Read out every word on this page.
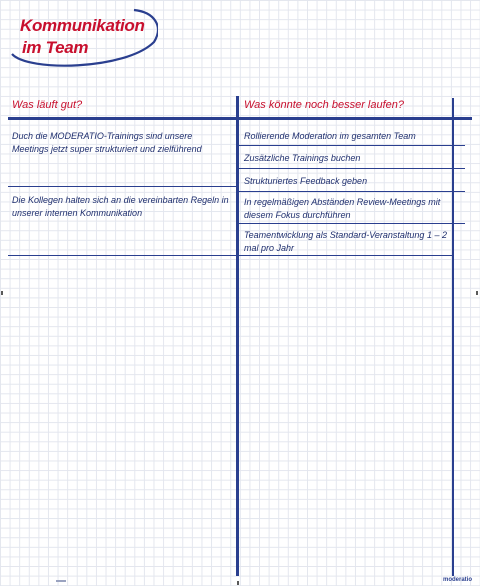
Kommunikation
im Team
Was läuft gut?	Was könnte noch besser laufen?
Duch die MODERATIO-Trainings sind unsere Meetings jetzt super strukturiert und zielführend
Die Kollegen halten sich an die vereinbarten Regeln in unserer internen Kommunikation
Rollierende Moderation im gesamten Team
Zusätzliche Trainings buchen
Strukturiertes Feedback geben
In regelmäßigen Abständen Review-Meetings mit diesem Fokus durchführen
Teamentwicklung als Standard-Veranstaltung 1 – 2 mal pro Jahr
moderatio
